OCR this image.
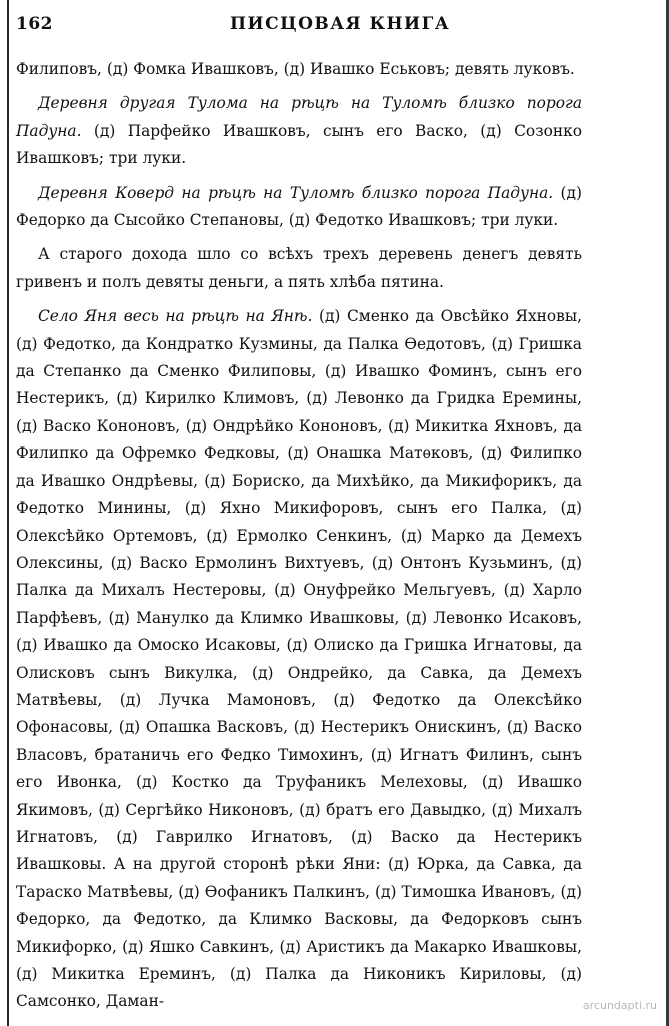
162	ПИСЦОВАЯ КНИГА

Филиповъ, (д) Фомка Ивашковъ, (д) Ивашко Еськовъ; девять луковъ.

Деревня другая Тулома на рѣцѣ на Туломѣ близко порога Падуна. (д) Парфейко Ивашковъ, сынъ его Васко, (д) Созонко Ивашковъ; три луки.

Деревня Коверд на рѣцѣ на Туломѣ близко порога Падуна. (д) Федорко да Сысойко Степановы, (д) Федотко Ивашковъ; три луки.

А старого дохода шло со всѣхъ трехъ деревень денегъ девять гривенъ и полъ девяты деньги, а пять хлѣба пятина.

Село Яня весь на рѣцѣ на Янѣ. (д) Сменко да Овсѣйко Яхновы, (д) Федотко, да Кондратко Кузмины, да Палка Ѳедотовъ, (д) Гришка да Степанко да Сменко Филиповы, (д) Ивашко Фоминъ, сынъ его Нестерикъ, (д) Кирилко Климовъ, (д) Левонко да Гридка Еремины, (д) Васко Кононовъ, (д) Ондрѣйко Кононовъ, (д) Микитка Яхновъ, да Филипко да Офремко Федковы, (д) Онашка Матѳковъ, (д) Филипко да Ивашко Ондрѣевы, (д) Бориско, да Михѣйко, да Микифорикъ, да Федотко Минины, (д) Яхно Микифоровъ, сынъ его Палка, (д) Олексѣйко Ортемовъ, (д) Ермолко Сенкинъ, (д) Марко да Демехъ Олексины, (д) Васко Ермолинъ Вихтуевъ, (д) Онтонъ Кузьминъ, (д) Палка да Михалъ Нестеровы, (д) Онуфрейко Мельгуевъ, (д) Харло Парфѣевъ, (д) Манулко да Климко Ивашковы, (д) Левонко Исаковъ, (д) Ивашко да Омоско Исаковы, (д) Олиско да Гришка Игнатовы, да Олисковъ сынъ Викулка, (д) Ондрейко, да Савка, да Демехъ Матвѣевы, (д) Лучка Мамоновъ, (д) Федотко да Олексѣйко Офонасовы, (д) Опашка Васковъ, (д) Нестерикъ Онискинъ, (д) Васко Власовъ, братаничь его Федко Тимохинъ, (д) Игнатъ Филинъ, сынъ его Ивонка, (д) Костко да Труфаникъ Мелеховы, (д) Ивашко Якимовъ, (д) Сергѣйко Никоновъ, (д) братъ его Давыдко, (д) Михалъ Игнатовъ, (д) Гаврилко Игнатовъ, (д) Васко да Нестерикъ Ивашковы. А на другой сторонѣ рѣки Яни: (д) Юрка, да Савка, да Тараско Матвѣевы, (д) Ѳофаникъ Палкинъ, (д) Тимошка Ивановъ, (д) Федорко, да Федотко, да Климко Васковы, да Федорковъ сынъ Микифорко, (д) Яшко Савкинъ, (д) Аристикъ да Макарко Ивашковы, (д) Микитка Ереминъ, (д) Палка да Никоникъ Кириловы, (д) Самсонко, Даман-	arcundapti.ru
